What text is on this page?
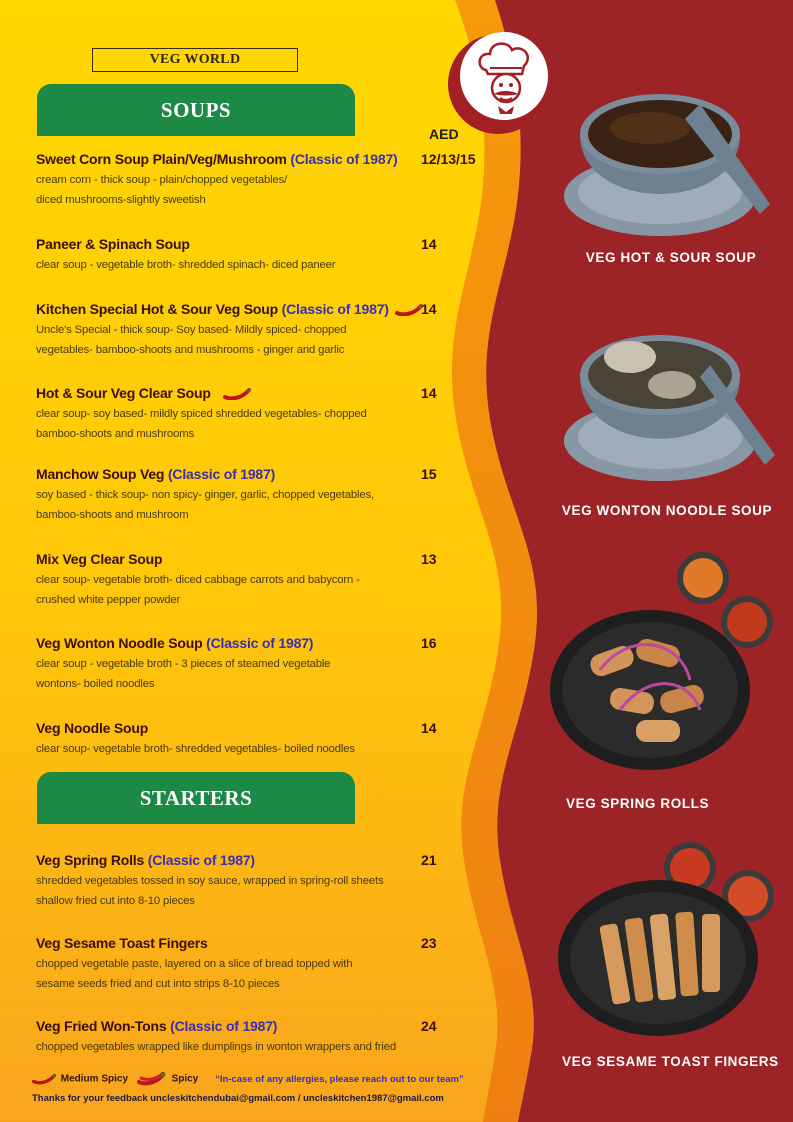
VEG WORLD
SOUPS
AED
Sweet Corn Soup Plain/Veg/Mushroom (Classic of 1987)
cream corn - thick soup - plain/chopped vegetables/
diced mushrooms-slightly sweetish
12/13/15
Paneer & Spinach Soup
clear soup - vegetable broth- shredded spinach- diced paneer
14
Kitchen Special Hot & Sour Veg Soup (Classic of 1987)
Uncle's Special - thick soup- Soy based- Mildly spiced- chopped
vegetables- bamboo-shoots and mushrooms - ginger and garlic
14
Hot & Sour Veg Clear Soup
clear soup- soy based- mildly spiced shredded vegetables- chopped
bamboo-shoots and mushrooms
14
Manchow Soup Veg (Classic of 1987)
soy based - thick soup- non spicy- ginger, garlic, chopped vegetables,
bamboo-shoots and mushroom
15
Mix Veg Clear Soup
clear soup- vegetable broth- diced cabbage carrots and babycorn -
crushed white pepper powder
13
Veg Wonton Noodle Soup (Classic of 1987)
clear soup - vegetable broth - 3 pieces of steamed vegetable
wontons- boiled noodles
16
Veg Noodle Soup
clear soup- vegetable broth- shredded vegetables- boiled noodles
14
STARTERS
Veg Spring Rolls (Classic of 1987)
shredded vegetables tossed in soy sauce, wrapped in spring-roll sheets
shallow fried cut into 8-10 pieces
21
Veg Sesame Toast Fingers
chopped vegetable paste, layered on a slice of bread topped with
sesame seeds fried and cut into strips 8-10 pieces
23
Veg Fried Won-Tons (Classic of 1987)
chopped vegetables wrapped like dumplings in wonton wrappers and fried
24
VEG HOT & SOUR SOUP
VEG WONTON NOODLE SOUP
VEG SPRING ROLLS
VEG SESAME TOAST FINGERS
Medium Spicy	Spicy “In-case of any allergies, please reach out to our team”
Thanks for your feedback uncleskitchendubai@gmail.com / uncleskitchen1987@gmail.com
